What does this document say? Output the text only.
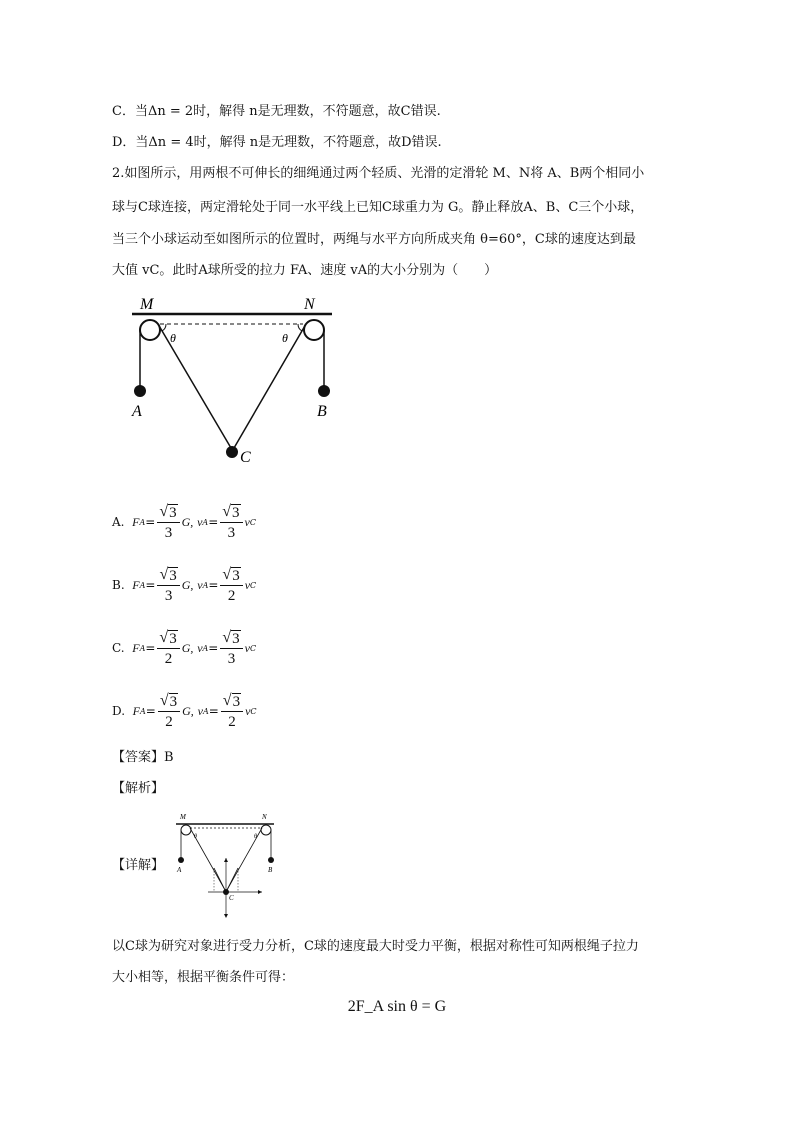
C．当Δn = 2时，解得 n是无理数，不符题意，故C错误.
D．当Δn = 4时，解得 n是无理数，不符题意，故D错误.
2.如图所示，用两根不可伸长的细绳通过两个轻质、光滑的定滑轮 M、N将 A、B两个相同小
球与C球连接，两定滑轮处于同一水平线上已知C球重力为 G。静止释放A、B、C三个小球，
当三个小球运动至如图所示的位置时，两绳与水平方向所成夹角 θ=60°，C球的速度达到最
大值 vC。此时A球所受的拉力 FA、速度 vA的大小分别为（　　）
M	N
θ	θ
A	B
C
A.
F $A = \frac{√ 3}{3} G$,
v $A = \frac{√ 3}{3}$ v C
B.
F $A = \frac{√ 3}{3} G$,
v $A = \frac{√ 3}{2}$ v C
C.
F $A = \frac{√ 3}{2} G$,
v $A = \frac{√ 3}{3}$ v C
D.
F $A = \frac{√ 3}{2} G$,
v $A = \frac{√ 3}{2}$ v C
【答案】B
【解析】
【详解】
M	N
θ	θ
A	B
C
以C球为研究对象进行受力分析，C球的速度最大时受力平衡，根据对称性可知两根绳子拉力
大小相等，根据平衡条件可得：
2F_A sin θ = G
